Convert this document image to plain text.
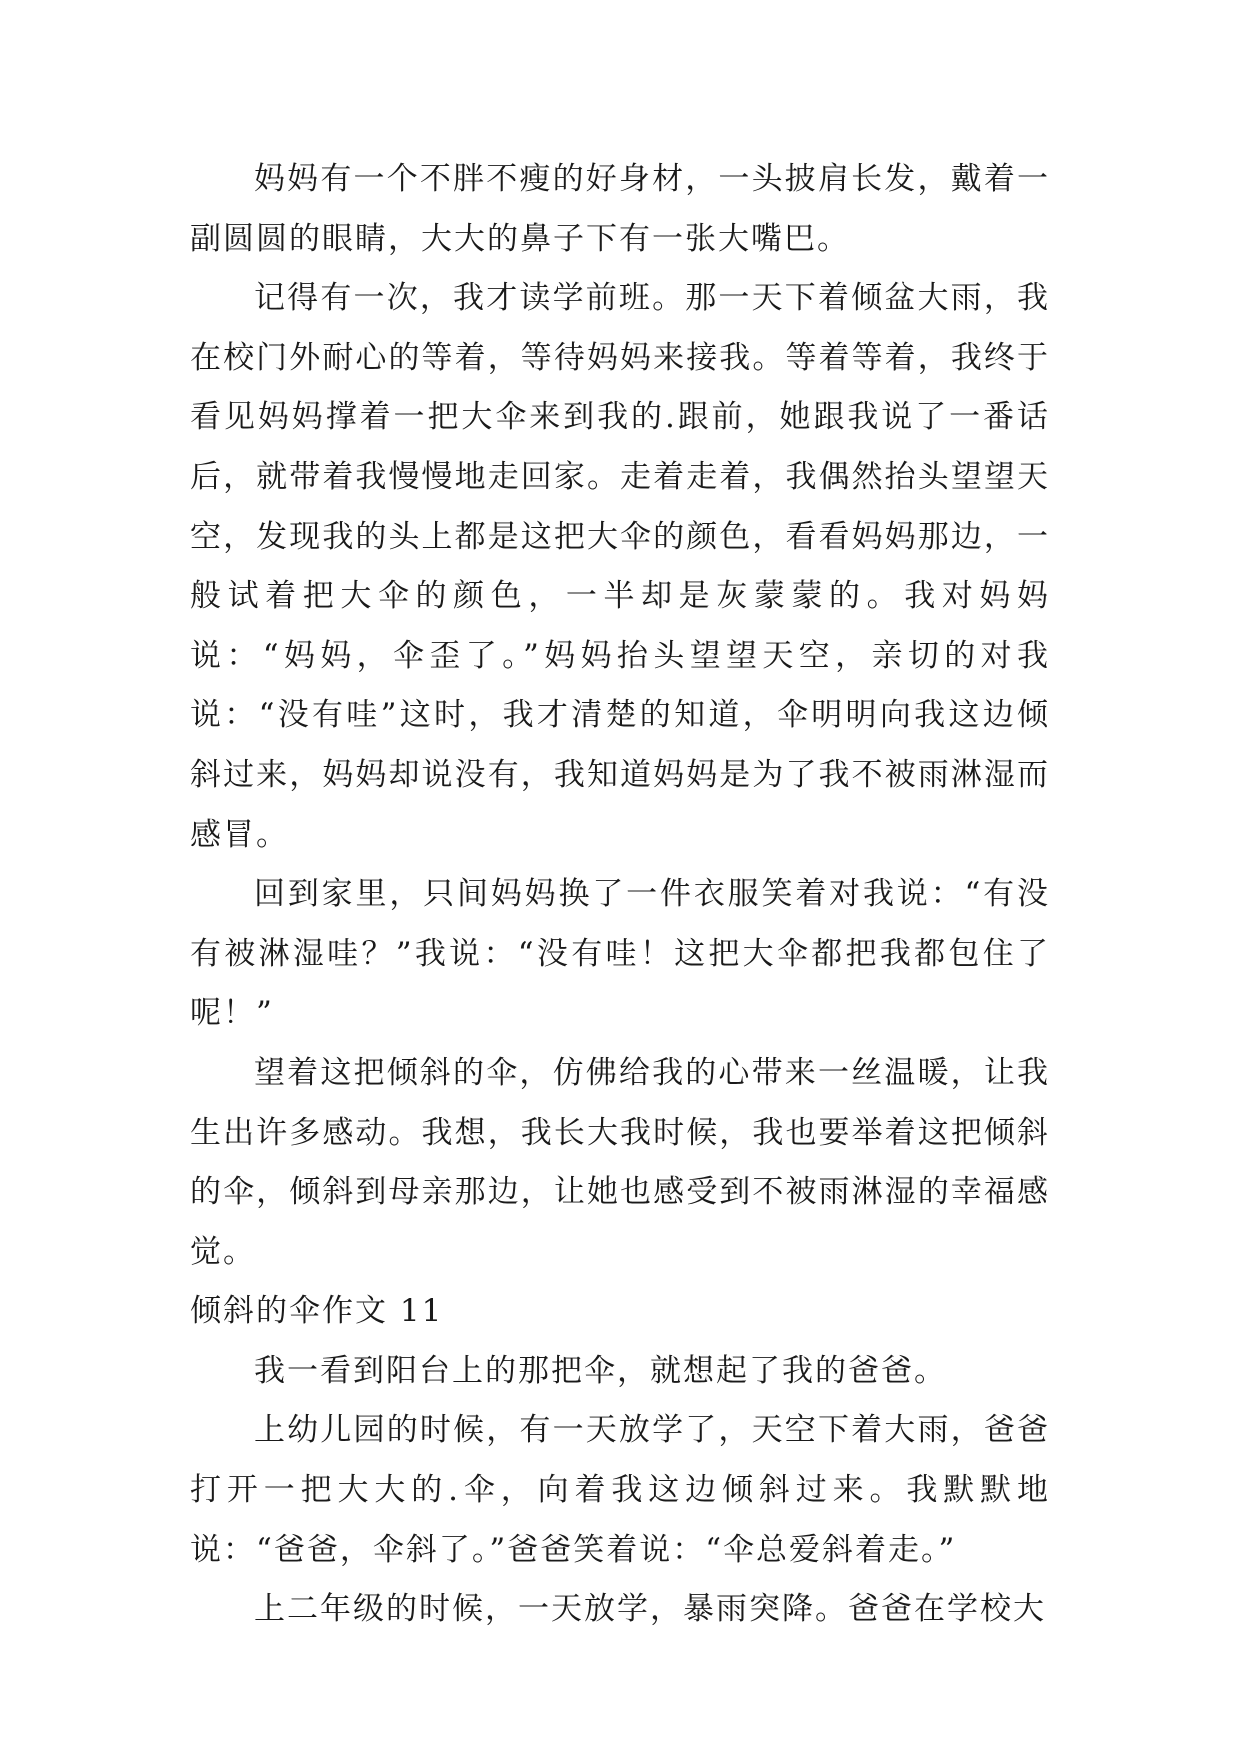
妈妈有一个不胖不瘦的好身材，一头披肩长发，戴着一副圆圆的眼睛，大大的鼻子下有一张大嘴巴。

记得有一次，我才读学前班。那一天下着倾盆大雨，我在校门外耐心的等着，等待妈妈来接我。等着等着，我终于看见妈妈撑着一把大伞来到我的.跟前，她跟我说了一番话后，就带着我慢慢地走回家。走着走着，我偶然抬头望望天空，发现我的头上都是这把大伞的颜色，看看妈妈那边，一般试着把大伞的颜色，一半却是灰蒙蒙的。我对妈妈说：“妈妈，伞歪了。”妈妈抬头望望天空，亲切的对我说：“没有哇”这时，我才清楚的知道，伞明明向我这边倾斜过来，妈妈却说没有，我知道妈妈是为了我不被雨淋湿而感冒。

回到家里，只间妈妈换了一件衣服笑着对我说：“有没有被淋湿哇？”我说：“没有哇！这把大伞都把我都包住了呢！”

望着这把倾斜的伞，仿佛给我的心带来一丝温暖，让我生出许多感动。我想，我长大我时候，我也要举着这把倾斜的伞，倾斜到母亲那边，让她也感受到不被雨淋湿的幸福感觉。

倾斜的伞作文 11

我一看到阳台上的那把伞，就想起了我的爸爸。

上幼儿园的时候，有一天放学了，天空下着大雨，爸爸打开一把大大的.伞，向着我这边倾斜过来。我默默地说：“爸爸，伞斜了。”爸爸笑着说：“伞总爱斜着走。”

上二年级的时候，一天放学，暴雨突降。爸爸在学校大
